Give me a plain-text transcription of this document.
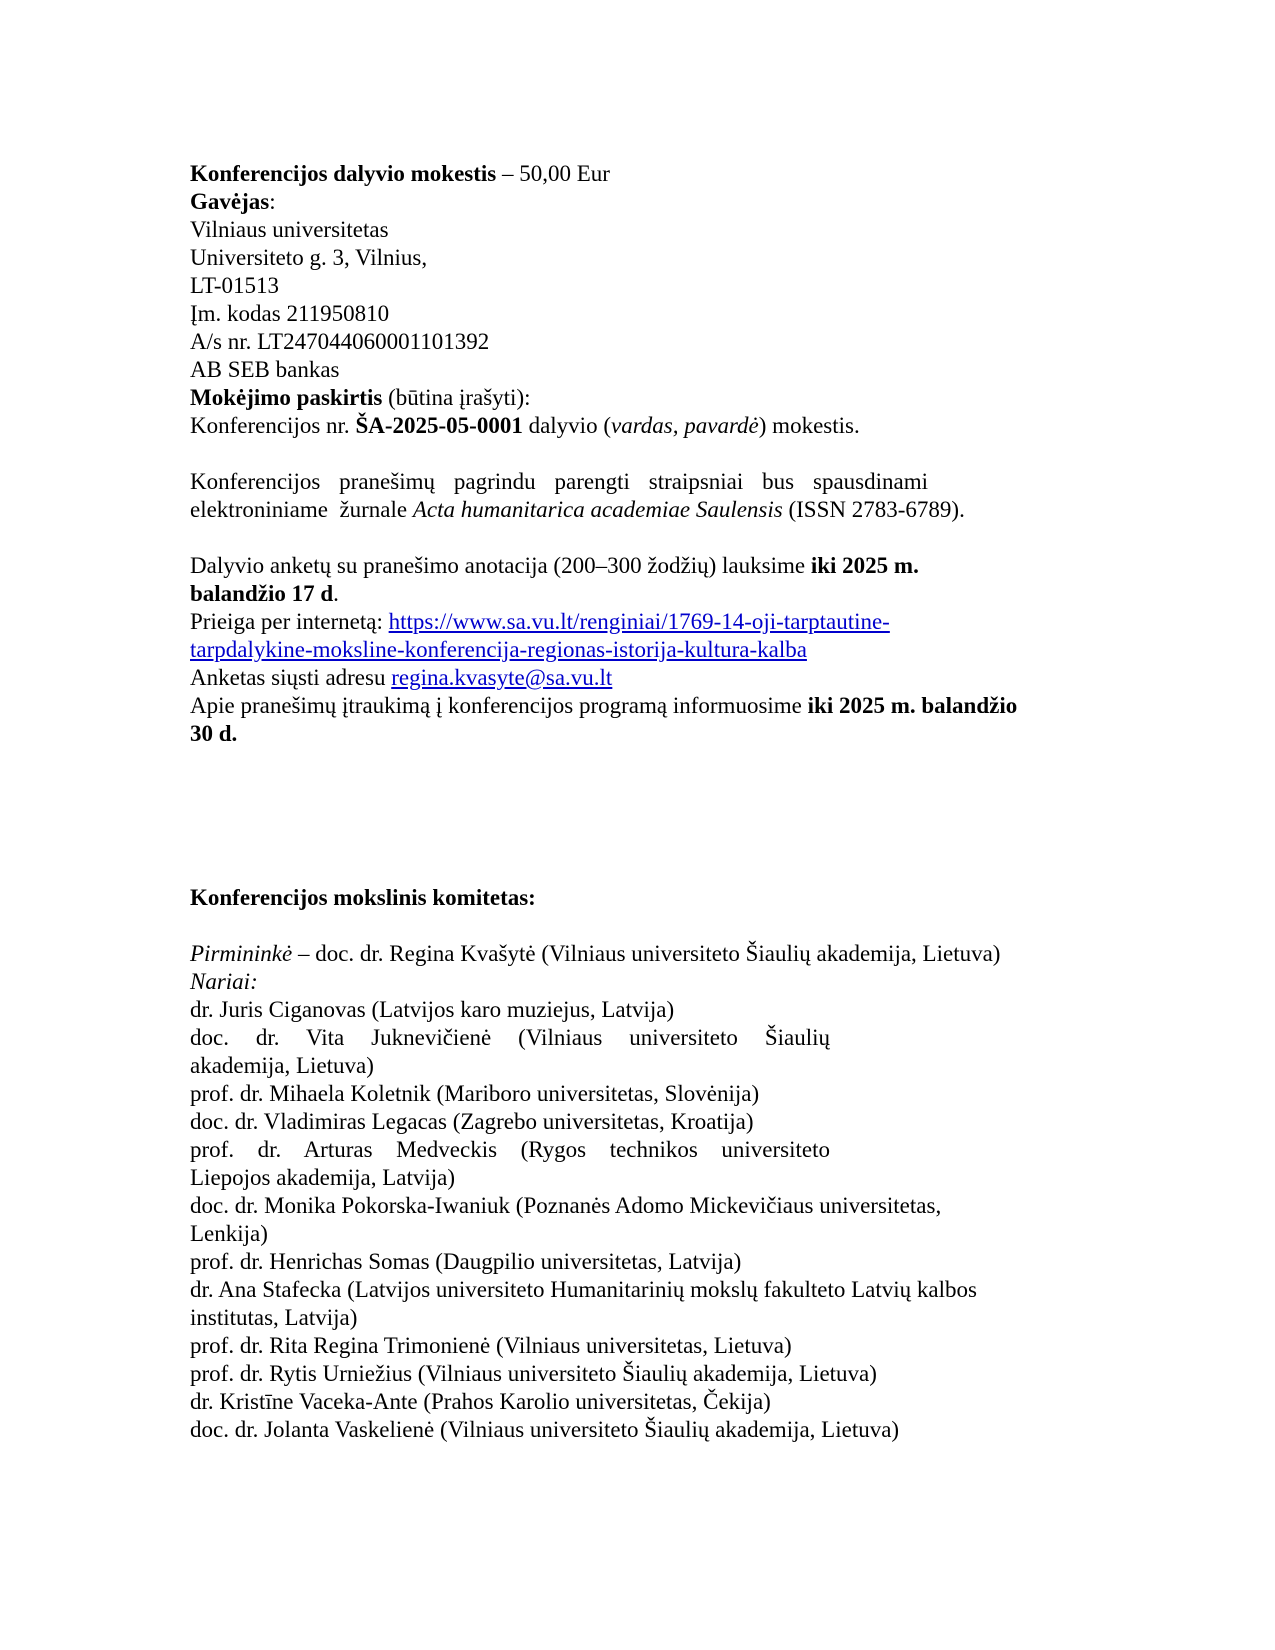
Konferencijos dalyvio mokestis – 50,00 Eur
Gavėjas:
Vilniaus universitetas
Universiteto g. 3, Vilnius,
LT-01513
Įm. kodas 211950810
A/s nr. LT247044060001101392
AB SEB bankas
Mokėjimo paskirtis (būtina įrašyti):
Konferencijos nr. ŠA-2025-05-0001 dalyvio (vardas, pavardė) mokestis.
Konferencijos pranešimų pagrindu parengti straipsniai bus spausdinami
elektroniniame  žurnale Acta humanitarica academiae Saulensis (ISSN 2783-6789).
Dalyvio anketų su pranešimo anotacija (200–300 žodžių) lauksime iki 2025 m.
balandžio 17 d.
Prieiga per internetą: https://www.sa.vu.lt/renginiai/1769-14-oji-tarptautine-
tarpdalykine-moksline-konferencija-regionas-istorija-kultura-kalba
Anketas siųsti adresu regina.kvasyte@sa.vu.lt
Apie pranešimų įtraukimą į konferencijos programą informuosime iki 2025 m. balandžio
30 d.
Konferencijos mokslinis komitetas:
Pirmininkė – doc. dr. Regina Kvašytė (Vilniaus universiteto Šiaulių akademija, Lietuva)
Nariai:
dr. Juris Ciganovas (Latvijos karo muziejus, Latvija)
doc. dr. Vita Juknevičienė (Vilniaus universiteto Šiaulių
akademija, Lietuva)
prof. dr. Mihaela Koletnik (Mariboro universitetas, Slovėnija)
doc. dr. Vladimiras Legacas (Zagrebo universitetas, Kroatija)
prof. dr. Arturas Medveckis (Rygos technikos universiteto
Liepojos akademija, Latvija)
doc. dr. Monika Pokorska-Iwaniuk (Poznanės Adomo Mickevičiaus universitetas,
Lenkija)
prof. dr. Henrichas Somas (Daugpilio universitetas, Latvija)
dr. Ana Stafecka (Latvijos universiteto Humanitarinių mokslų fakulteto Latvių kalbos
institutas, Latvija)
prof. dr. Rita Regina Trimonienė (Vilniaus universitetas, Lietuva)
prof. dr. Rytis Urniežius (Vilniaus universiteto Šiaulių akademija, Lietuva)
dr. Kristīne Vaceka-Ante (Prahos Karolio universitetas, Čekija)
doc. dr. Jolanta Vaskelienė (Vilniaus universiteto Šiaulių akademija, Lietuva)
